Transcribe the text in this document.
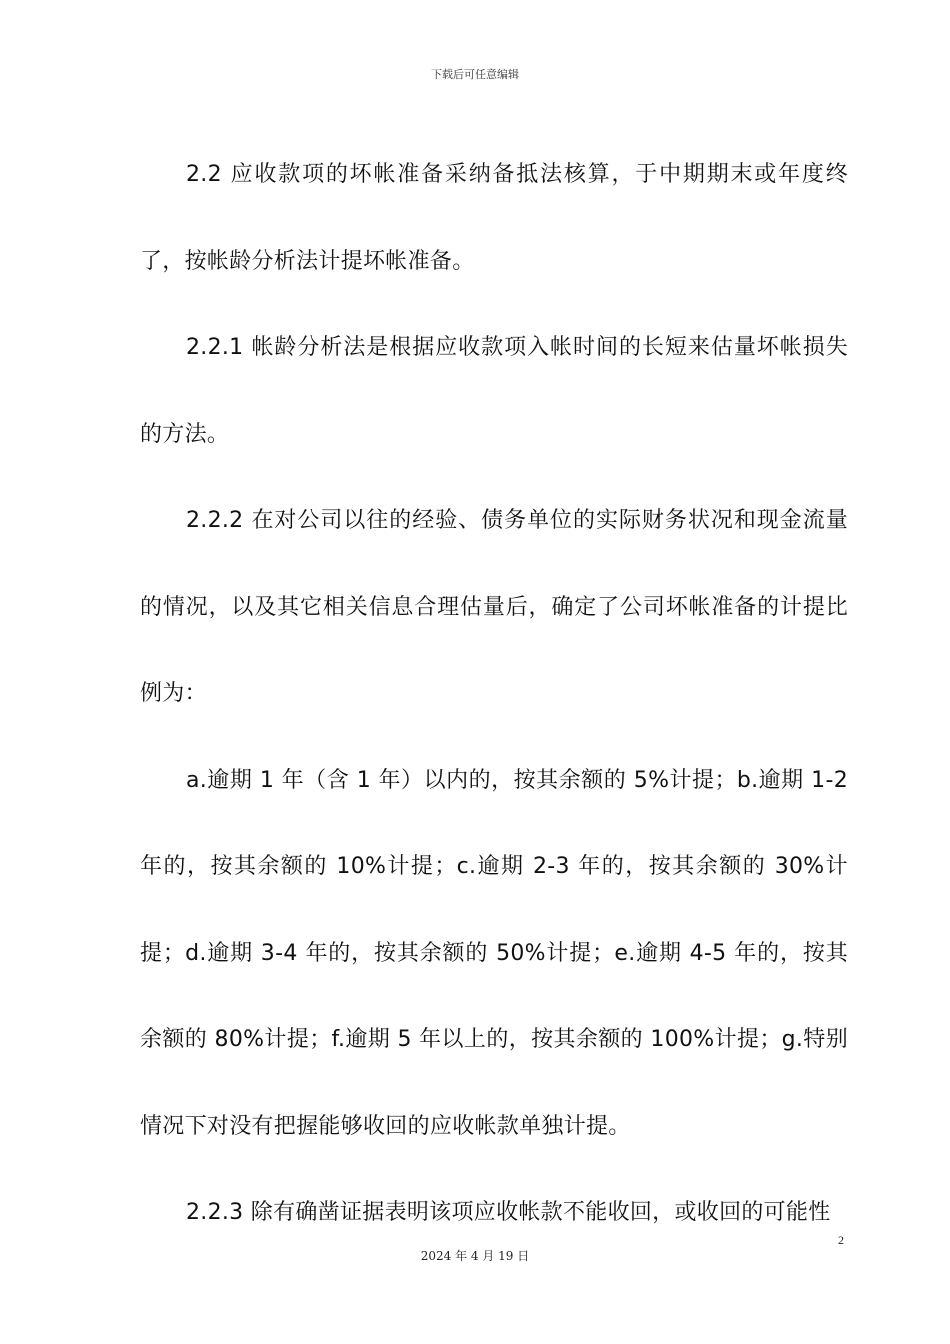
下载后可任意编辑

2.2 应收款项的坏帐准备采纳备抵法核算，于中期期末或年度终了，按帐龄分析法计提坏帐准备。

2.2.1 帐龄分析法是根据应收款项入帐时间的长短来估量坏帐损失的方法。

2.2.2 在对公司以往的经验、债务单位的实际财务状况和现金流量的情况，以及其它相关信息合理估量后，确定了公司坏帐准备的计提比例为：

a.逾期 1 年（含 1 年）以内的，按其余额的 5%计提；b.逾期 1-2 年的，按其余额的 10%计提；c.逾期 2-3 年的，按其余额的 30%计提；d.逾期 3-4 年的，按其余额的 50%计提；e.逾期 4-5 年的，按其余额的 80%计提；f.逾期 5 年以上的，按其余额的 100%计提；g.特别情况下对没有把握能够收回的应收帐款单独计提。

2.2.3 除有确凿证据表明该项应收帐款不能收回，或收回的可能性

2
2024 年 4 月 19 日
